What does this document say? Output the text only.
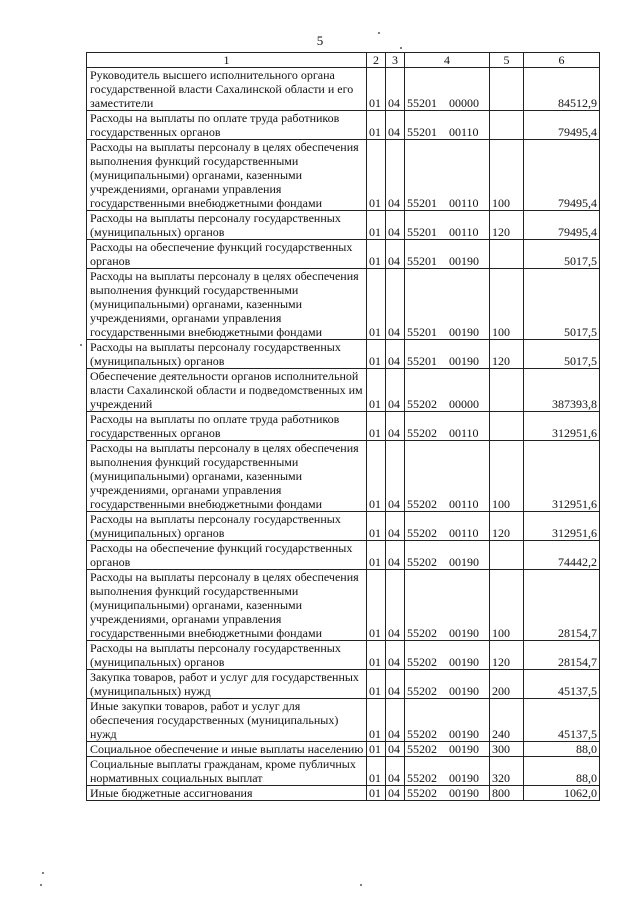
5
1	2	3	4	5	6
Руководитель высшего исполнительного органа государственной власти Сахалинской области и его заместители	01	04	55201 00000		84512,9
Расходы на выплаты по оплате труда работников государственных органов	01	04	55201 00110		79495,4
Расходы на выплаты персоналу в целях обеспечения выполнения функций государственными (муниципальными) органами, казенными учреждениями, органами управления государственными внебюджетными фондами	01	04	55201 00110	100	79495,4
Расходы на выплаты персоналу государственных (муниципальных) органов	01	04	55201 00110	120	79495,4
Расходы на обеспечение функций государственных органов	01	04	55201 00190		5017,5
Расходы на выплаты персоналу в целях обеспечения выполнения функций государственными (муниципальными) органами, казенными учреждениями, органами управления государственными внебюджетными фондами	01	04	55201 00190	100	5017,5
Расходы на выплаты персоналу государственных (муниципальных) органов	01	04	55201 00190	120	5017,5
Обеспечение деятельности органов исполнительной власти Сахалинской области и подведомственных им учреждений	01	04	55202 00000		387393,8
Расходы на выплаты по оплате труда работников государственных органов	01	04	55202 00110		312951,6
Расходы на выплаты персоналу в целях обеспечения выполнения функций государственными (муниципальными) органами, казенными учреждениями, органами управления государственными внебюджетными фондами	01	04	55202 00110	100	312951,6
Расходы на выплаты персоналу государственных (муниципальных) органов	01	04	55202 00110	120	312951,6
Расходы на обеспечение функций государственных органов	01	04	55202 00190		74442,2
Расходы на выплаты персоналу в целях обеспечения выполнения функций государственными (муниципальными) органами, казенными учреждениями, органами управления государственными внебюджетными фондами	01	04	55202 00190	100	28154,7
Расходы на выплаты персоналу государственных (муниципальных) органов	01	04	55202 00190	120	28154,7
Закупка товаров, работ и услуг для государственных (муниципальных) нужд	01	04	55202 00190	200	45137,5
Иные закупки товаров, работ и услуг для обеспечения государственных (муниципальных) нужд	01	04	55202 00190	240	45137,5
Социальное обеспечение и иные выплаты населению	01	04	55202 00190	300	88,0
Социальные выплаты гражданам, кроме публичных нормативных социальных выплат	01	04	55202 00190	320	88,0
Иные бюджетные ассигнования	01	04	55202 00190	800	1062,0
